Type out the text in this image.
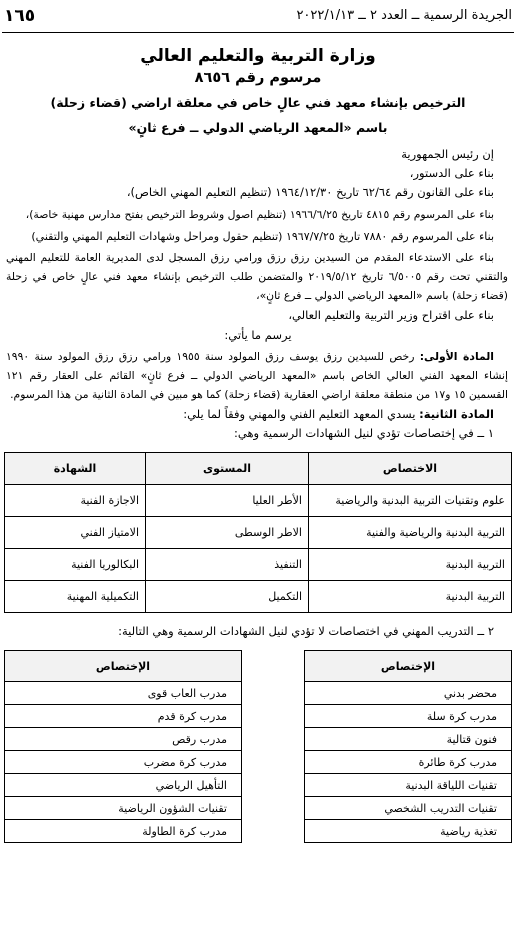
١٦٥	الجريدة الرسمية ــ العدد ٢ ــ ٢٠٢٢/١/١٣
وزارة التربية والتعليم العالي
مرسوم رقم ٨٦٥٦
الترخيص بإنشاء معهد فني عالٍ خاص في معلقة اراضي (قضاء زحلة)
باسم «المعهد الرياضي الدولي ــ فرع ثانٍ»
إن رئيس الجمهورية
بناء على الدستور،
بناء على القانون رقم ٦٢/٦٤ تاريخ ١٩٦٤/١٢/٣٠ (تنظيم التعليم المهني الخاص)،
بناء على المرسوم رقم ٤٨١٥ تاريخ ١٩٦٦/٦/٢٥ (تنظيم اصول وشروط الترخيص بفتح مدارس مهنية خاصة)،
بناء على المرسوم رقم ٧٨٨٠ تاريخ ١٩٦٧/٧/٢٥ (تنظيم حقول ومراحل وشهادات التعليم المهني والتقني)
بناء على الاستدعاء المقدم من السيدين رزق رزق ورامي رزق المسجل لدى المديرية العامة للتعليم المهني والتقني تحت رقم ٦/٥٠٠٥ تاريخ ٢٠١٩/٥/١٢ والمتضمن طلب الترخيص بإنشاء معهد فني عالٍ خاص في زحلة (قضاء زحلة) باسم «المعهد الرياضي الدولي ــ فرع ثانٍ»،
بناء على اقتراح وزير التربية والتعليم العالي،
يرسم ما يأتي:
المادة الأولى: رخص للسيدين رزق يوسف رزق المولود سنة ١٩٥٥ ورامي رزق رزق المولود سنة ١٩٩٠ إنشاء المعهد الفني العالي الخاص باسم «المعهد الرياضي الدولي ــ فرع ثانٍ» القائم على العقار رقم ١٢١ القسمين ١٥ و١٧ من منطقة معلقة اراضي العقارية (قضاء زحلة) كما هو مبين في المادة الثانية من هذا المرسوم.
المادة الثانية: يسدي المعهد التعليم الفني والمهني وفقاً لما يلي:
١ ــ في إختصاصات تؤدي لنيل الشهادات الرسمية وهي:
الاختصاص	المستوى	الشهادة
علوم وتقنيات التربية البدنية والرياضية	الأطر العليا	الاجازة الفنية
التربية البدنية والرياضية والفنية	الاطر الوسطى	الامتياز الفني
التربية البدنية	التنفيذ	البكالوريا الفنية
التربية البدنية	التكميل	التكميلية المهنية
٢ ــ التدريب المهني في اختصاصات لا تؤدي لنيل الشهادات الرسمية وهي التالية:
الإختصاص
محضر بدني
مدرب كرة سلة
فنون قتالية
مدرب كرة طائرة
تقنيات اللياقة البدنية
تقنيات التدريب الشخصي
تغذية رياضية
الإختصاص
مدرب العاب قوى
مدرب كرة قدم
مدرب رقص
مدرب كرة مضرب
التأهيل الرياضي
تقنيات الشؤون الرياضية
مدرب كرة الطاولة
